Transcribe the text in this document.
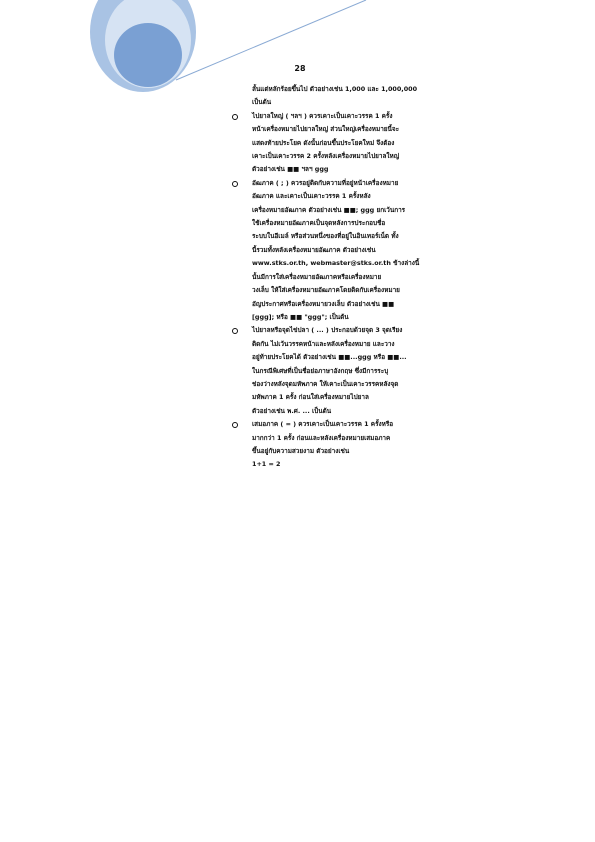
28
ลั้นแต่หลักร้อยขึ้นไป ตัวอย่างเช่น 1,000 และ 1,000,000
เป็นต้น
ไปยาลใหญ่ ( ฯลฯ ) ควรเคาะเป็นเคาะวรรค 1 ครั้ง
หน้าเครื่องหมายไปยาลใหญ่ ส่วนใหญ่เครื่องหมายนี้จะ
แสดงท้ายประโยค ดังนั้นก่อนขึ้นประโยคใหม่ จึงต้อง
เคาะเป็นเคาะวรรค 2 ครั้งหลังเครื่องหมายไปยาลใหญ่
ตัวอย่างเช่น ■■ ฯลฯ ggg
อัฒภาค ( ; ) ควรอยู่ติดกับความที่อยู่หน้าเครื่องหมาย
อัฒภาค และเคาะเป็นเคาะวรรค 1 ครั้งหลัง
เครื่องหมายอัฒภาค ตัวอย่างเช่น ■■; ggg ยกเว้นการ
ใช้เครื่องหมายอัฒภาคเป็นจุดหลังการประกอบชื่อ
ระบบในอีเมล์ หรือส่วนหนึ่งของที่อยู่ในอินเทอร์เน็ต ทั้ง
นี้รวมทั้งหลังเครื่องหมายอัฒภาค ตัวอย่างเช่น
www.stks.or.th, webmaster@stks.or.th ข้างล่างนี้
นั้นมีการใส่เครื่องหมายอัฒภาคหรือเครื่องหมาย
วงเล็บ ให้ใส่เครื่องหมายอัฒภาคโดยติดกับเครื่องหมาย
อัญประกาศหรือเครื่องหมายวงเล็บ ตัวอย่างเช่น ■■
[ggg]; หรือ ■■ "ggg"; เป็นต้น
ไปยาลหรือจุดไข่ปลา ( ... ) ประกอบด้วยจุด 3 จุดเรียง
ติดกัน ไม่เว้นวรรคหน้าและหลังเครื่องหมาย และวาง
อยู่ท้ายประโยคได้ ตัวอย่างเช่น ■■...ggg หรือ ■■...
ในกรณีพิเศษที่เป็นชื่อย่อภาษาอังกฤษ ซึ่งมีการระบุ
ช่องว่างหลังจุดมหัพภาค ให้เคาะเป็นเคาะวรรคหลังจุด
มหัพภาค 1 ครั้ง ก่อนใส่เครื่องหมายไปยาล
ตัวอย่างเช่น พ.ศ. ... เป็นต้น
เสมอภาค ( = ) ควรเคาะเป็นเคาะวรรค 1 ครั้งหรือ
มากกว่า 1 ครั้ง ก่อนและหลังเครื่องหมายเสมอภาค
ขึ้นอยู่กับความสวยงาม ตัวอย่างเช่น
1+1 = 2
